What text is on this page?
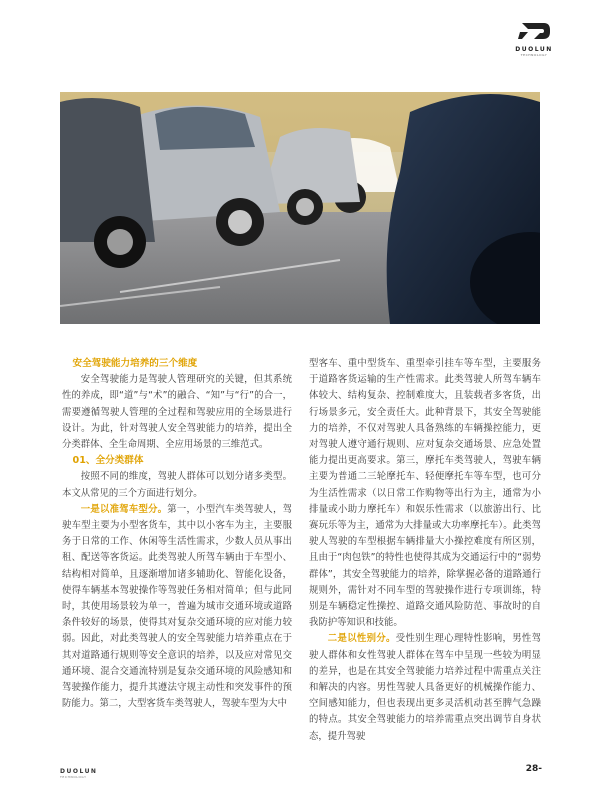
DUOLUN
TECHNOLOGY

安全驾驶能力培养的三个维度

安全驾驶能力是驾驶人管理研究的关键，但其系统性的养成，即“道”与“术”的融合、“知”与“行”的合一，需要遵循驾驶人管理的全过程和驾驶应用的全场景进行设计。为此，针对驾驶人安全驾驶能力的培养，提出全分类群体、全生命周期、全应用场景的三维范式。

01、全分类群体

按照不同的维度，驾驶人群体可以划分诸多类型。本文从常见的三个方面进行划分。

一是以准驾车型分。第一，小型汽车类驾驶人，驾驶车型主要为小型客货车，其中以小客车为主，主要服务于日常的工作、休闲等生活性需求，少数人员从事出租、配送等客货运。此类驾驶人所驾车辆由于车型小、结构相对简单，且逐渐增加诸多辅助化、智能化设备，使得车辆基本驾驶操作等驾驶任务相对简单；但与此同时，其使用场景较为单一，普遍为城市交通环境或道路条件较好的场景，使得其对复杂交通环境的应对能力较弱。因此，对此类驾驶人的安全驾驶能力培养重点在于其对道路通行规则等安全意识的培养，以及应对常见交通环境、混合交通流特别是复杂交通环境的风险感知和驾驶操作能力，提升其遵法守规主动性和突发事件的预防能力。第二，大型客货车类驾驶人，驾驶车型为大中

型客车、重中型货车、重型牵引挂车等车型，主要服务于道路客货运输的生产性需求。此类驾驶人所驾车辆车体较大、结构复杂、控制难度大，且装载者多客货，出行场景多元，安全责任大。此种背景下，其安全驾驶能力的培养，不仅对驾驶人具备熟练的车辆操控能力，更对驾驶人遵守通行规则、应对复杂交通场景、应急处置能力提出更高要求。第三，摩托车类驾驶人，驾驶车辆主要为普通二三轮摩托车、轻便摩托车等车型，也可分为生活性需求（以日常工作购物等出行为主，通常为小排量或小助力摩托车）和娱乐性需求（以旅游出行、比赛玩乐等为主，通常为大排量或大功率摩托车）。此类驾驶人驾驶的车型根据车辆排量大小操控难度有所区别，且由于“肉包铁”的特性也使得其成为交通运行中的“弱势群体”，其安全驾驶能力的培养，除掌握必备的道路通行规则外，需针对不同车型的驾驶操作进行专项训练，特别是车辆稳定性操控、道路交通风险防范、事故时的自我防护等知识和技能。

二是以性别分。受性别生理心理特性影响，男性驾驶人群体和女性驾驶人群体在驾车中呈现一些较为明显的差异，也是在其安全驾驶能力培养过程中需重点关注和解决的内容。男性驾驶人具备更好的机械操作能力、空间感知能力，但也表现出更多灵活机动甚至脾气急躁的特点。其安全驾驶能力的培养需重点突出调节自身状态，提升驾驶

DUOLUN
TECHNOLOGY
28-
